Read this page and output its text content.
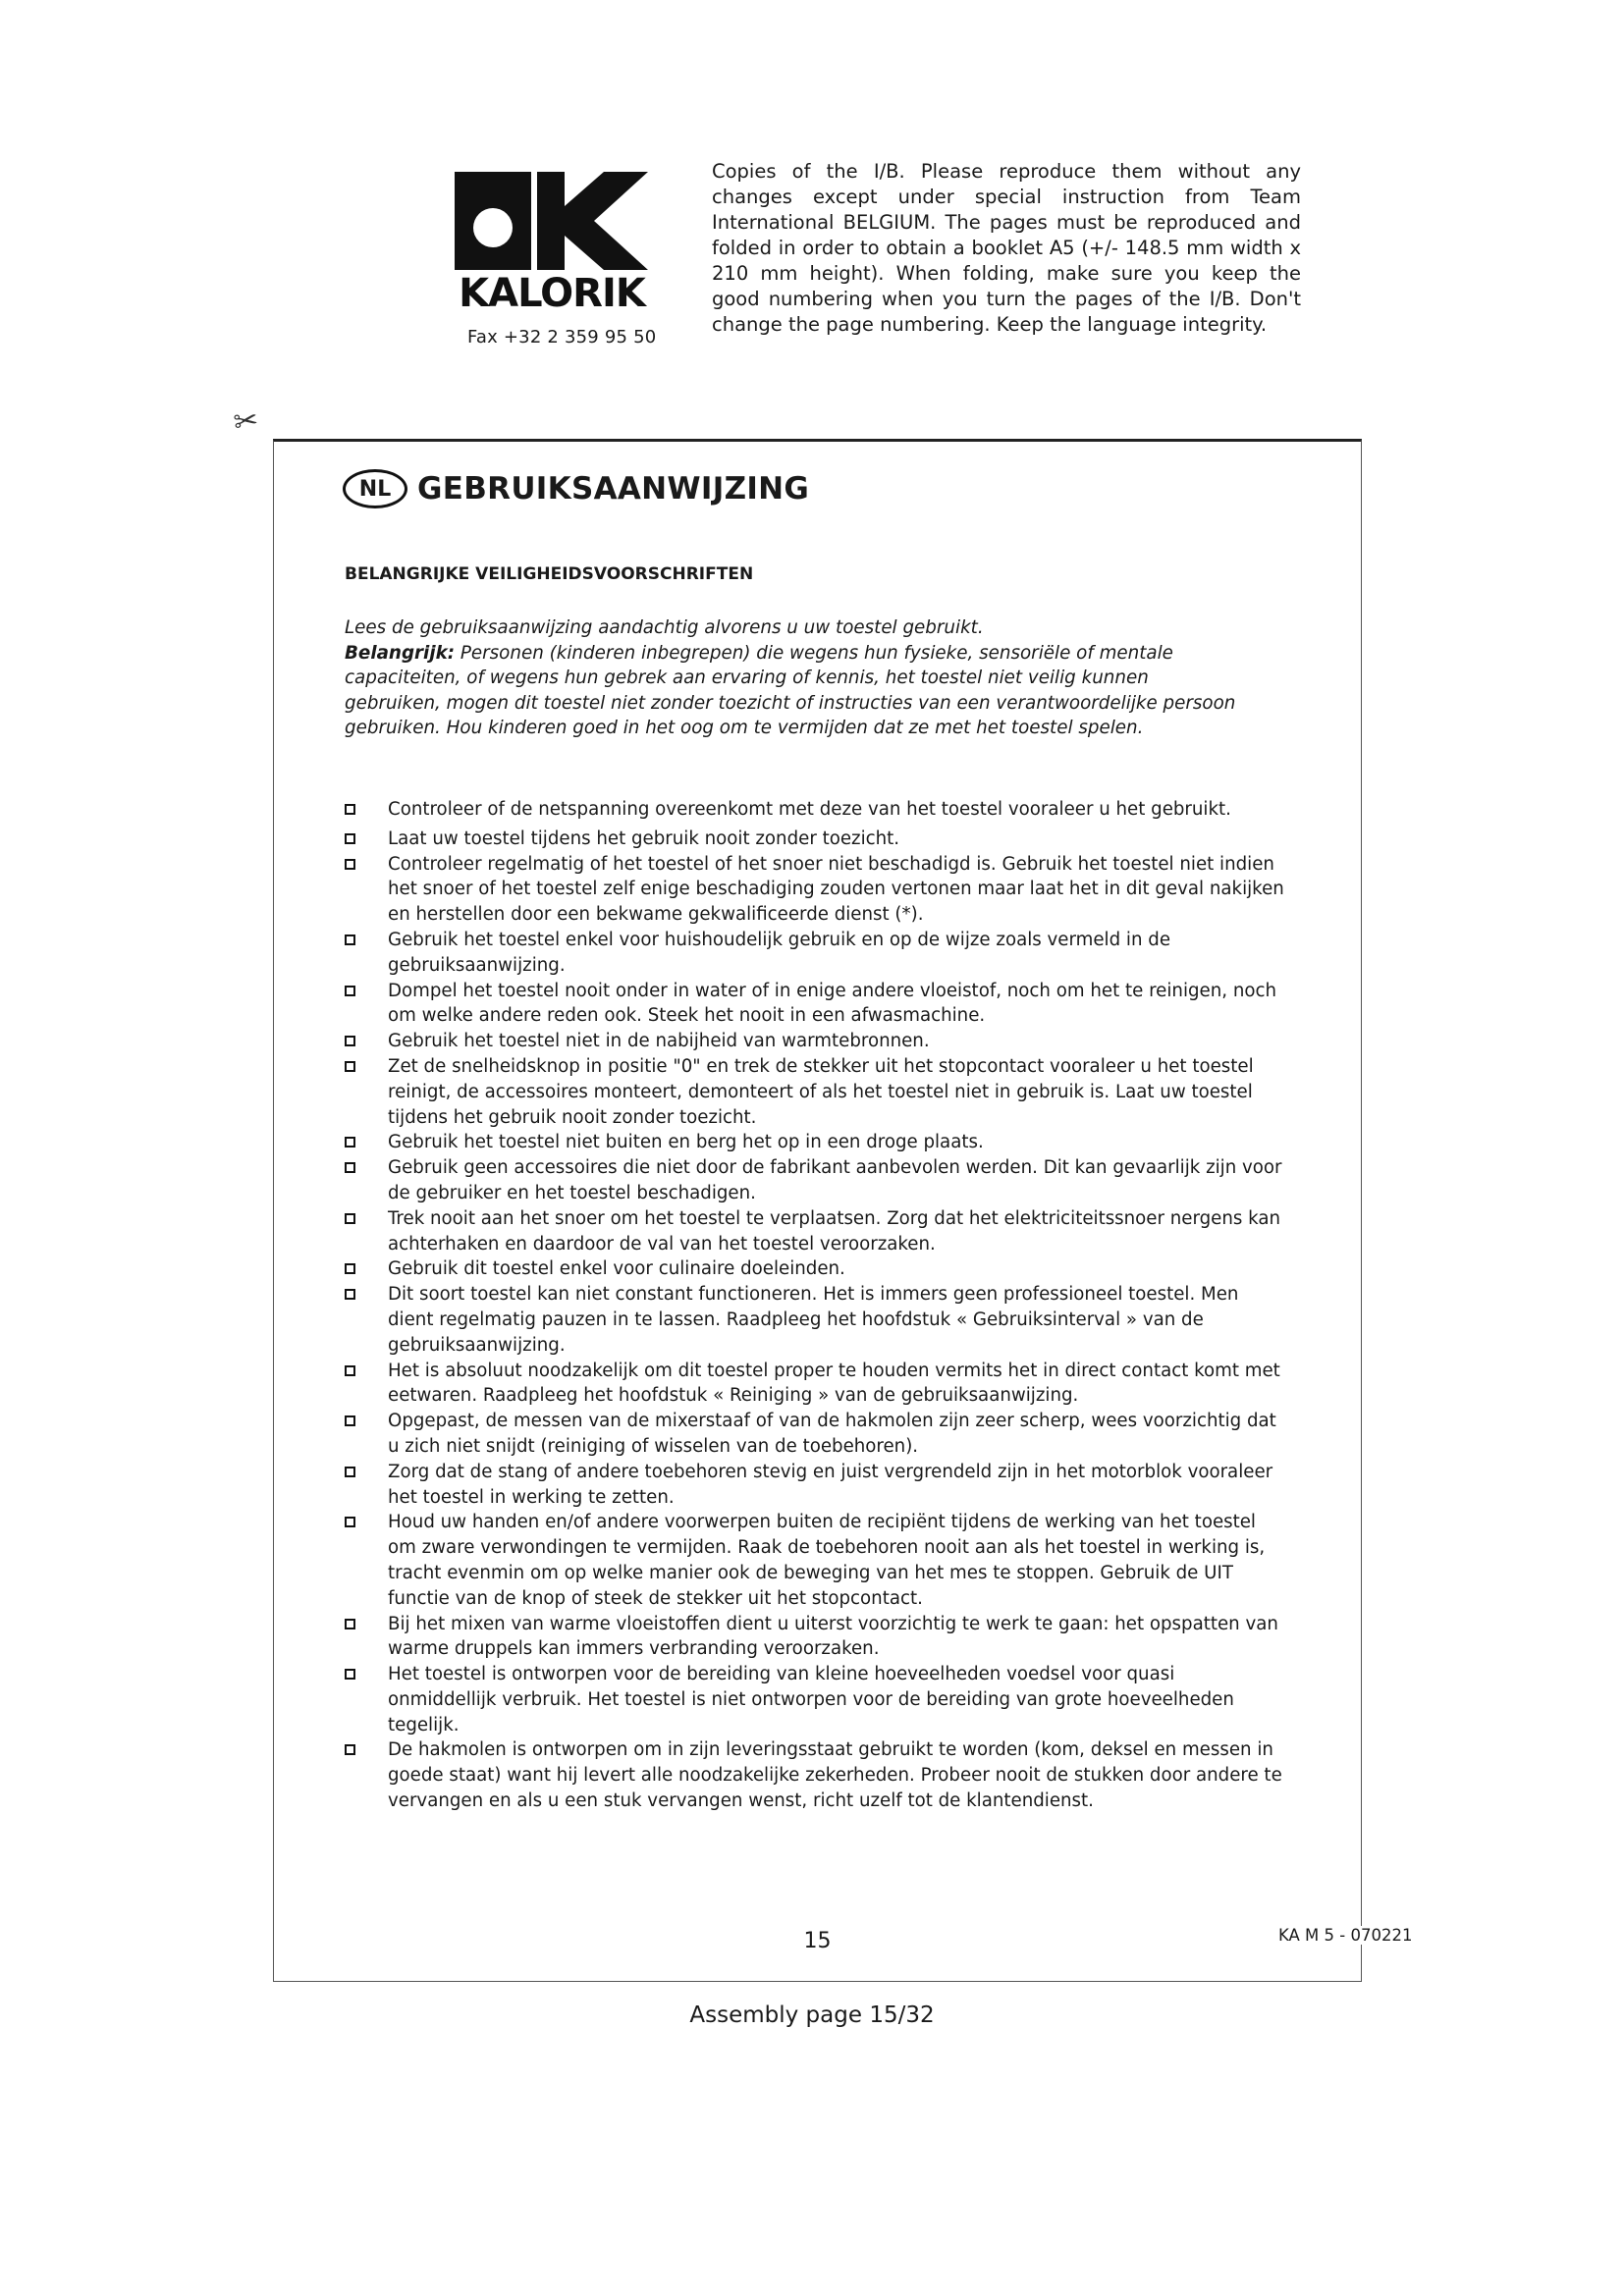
KALORIK
Fax +32 2 359 95 50
Copies of the I/B. Please reproduce them without any changes except under special instruction from Team International BELGIUM. The pages must be reproduced and folded in order to obtain a booklet A5 (+/- 148.5 mm width x 210 mm height). When folding, make sure you keep the good numbering when you turn the pages of the I/B. Don't change the page numbering. Keep the language integrity.
✂
NL GEBRUIKSAANWIJZING
BELANGRIJKE VEILIGHEIDSVOORSCHRIFTEN
Lees de gebruiksaanwijzing aandachtig alvorens u uw toestel gebruikt.
Belangrijk: Personen (kinderen inbegrepen) die wegens hun fysieke, sensoriële of mentale capaciteiten, of wegens hun gebrek aan ervaring of kennis, het toestel niet veilig kunnen gebruiken, mogen dit toestel niet zonder toezicht of instructies van een verantwoordelijke persoon gebruiken. Hou kinderen goed in het oog om te vermijden dat ze met het toestel spelen.
Controleer of de netspanning overeenkomt met deze van het toestel vooraleer u het gebruikt.
Laat uw toestel tijdens het gebruik nooit zonder toezicht.
Controleer regelmatig of het toestel of het snoer niet beschadigd is. Gebruik het toestel niet indien het snoer of het toestel zelf enige beschadiging zouden vertonen maar laat het in dit geval nakijken en herstellen door een bekwame gekwalificeerde dienst (*).
Gebruik het toestel enkel voor huishoudelijk gebruik en op de wijze zoals vermeld in de gebruiksaanwijzing.
Dompel het toestel nooit onder in water of in enige andere vloeistof, noch om het te reinigen, noch om welke andere reden ook. Steek het nooit in een afwasmachine.
Gebruik het toestel niet in de nabijheid van warmtebronnen.
Zet de snelheidsknop in positie "0" en trek de stekker uit het stopcontact vooraleer u het toestel reinigt, de accessoires monteert, demonteert of als het toestel niet in gebruik is. Laat uw toestel tijdens het gebruik nooit zonder toezicht.
Gebruik het toestel niet buiten en berg het op in een droge plaats.
Gebruik geen accessoires die niet door de fabrikant aanbevolen werden. Dit kan gevaarlijk zijn voor de gebruiker en het toestel beschadigen.
Trek nooit aan het snoer om het toestel te verplaatsen. Zorg dat het elektriciteitssnoer nergens kan achterhaken en daardoor de val van het toestel veroorzaken.
Gebruik dit toestel enkel voor culinaire doeleinden.
Dit soort toestel kan niet constant functioneren. Het is immers geen professioneel toestel. Men dient regelmatig pauzen in te lassen. Raadpleeg het hoofdstuk « Gebruiksinterval » van de gebruiksaanwijzing.
Het is absoluut noodzakelijk om dit toestel proper te houden vermits het in direct contact komt met eetwaren. Raadpleeg het hoofdstuk « Reiniging » van de gebruiksaanwijzing.
Opgepast, de messen van de mixerstaaf of van de hakmolen zijn zeer scherp, wees voorzichtig dat u zich niet snijdt (reiniging of wisselen van de toebehoren).
Zorg dat de stang of andere toebehoren stevig en juist vergrendeld zijn in het motorblok vooraleer het toestel in werking te zetten.
Houd uw handen en/of andere voorwerpen buiten de recipiënt tijdens de werking van het toestel om zware verwondingen te vermijden. Raak de toebehoren nooit aan als het toestel in werking is, tracht evenmin om op welke manier ook de beweging van het mes te stoppen. Gebruik de UIT functie van de knop of steek de stekker uit het stopcontact.
Bij het mixen van warme vloeistoffen dient u uiterst voorzichtig te werk te gaan: het opspatten van warme druppels kan immers verbranding veroorzaken.
Het toestel is ontworpen voor de bereiding van kleine hoeveelheden voedsel voor quasi onmiddellijk verbruik. Het toestel is niet ontworpen voor de bereiding van grote hoeveelheden tegelijk.
De hakmolen is ontworpen om in zijn leveringsstaat gebruikt te worden (kom, deksel en messen in goede staat) want hij levert alle noodzakelijke zekerheden. Probeer nooit de stukken door andere te vervangen en als u een stuk vervangen wenst, richt uzelf tot de klantendienst.
15	KA M 5 - 070221
Assembly page 15/32
